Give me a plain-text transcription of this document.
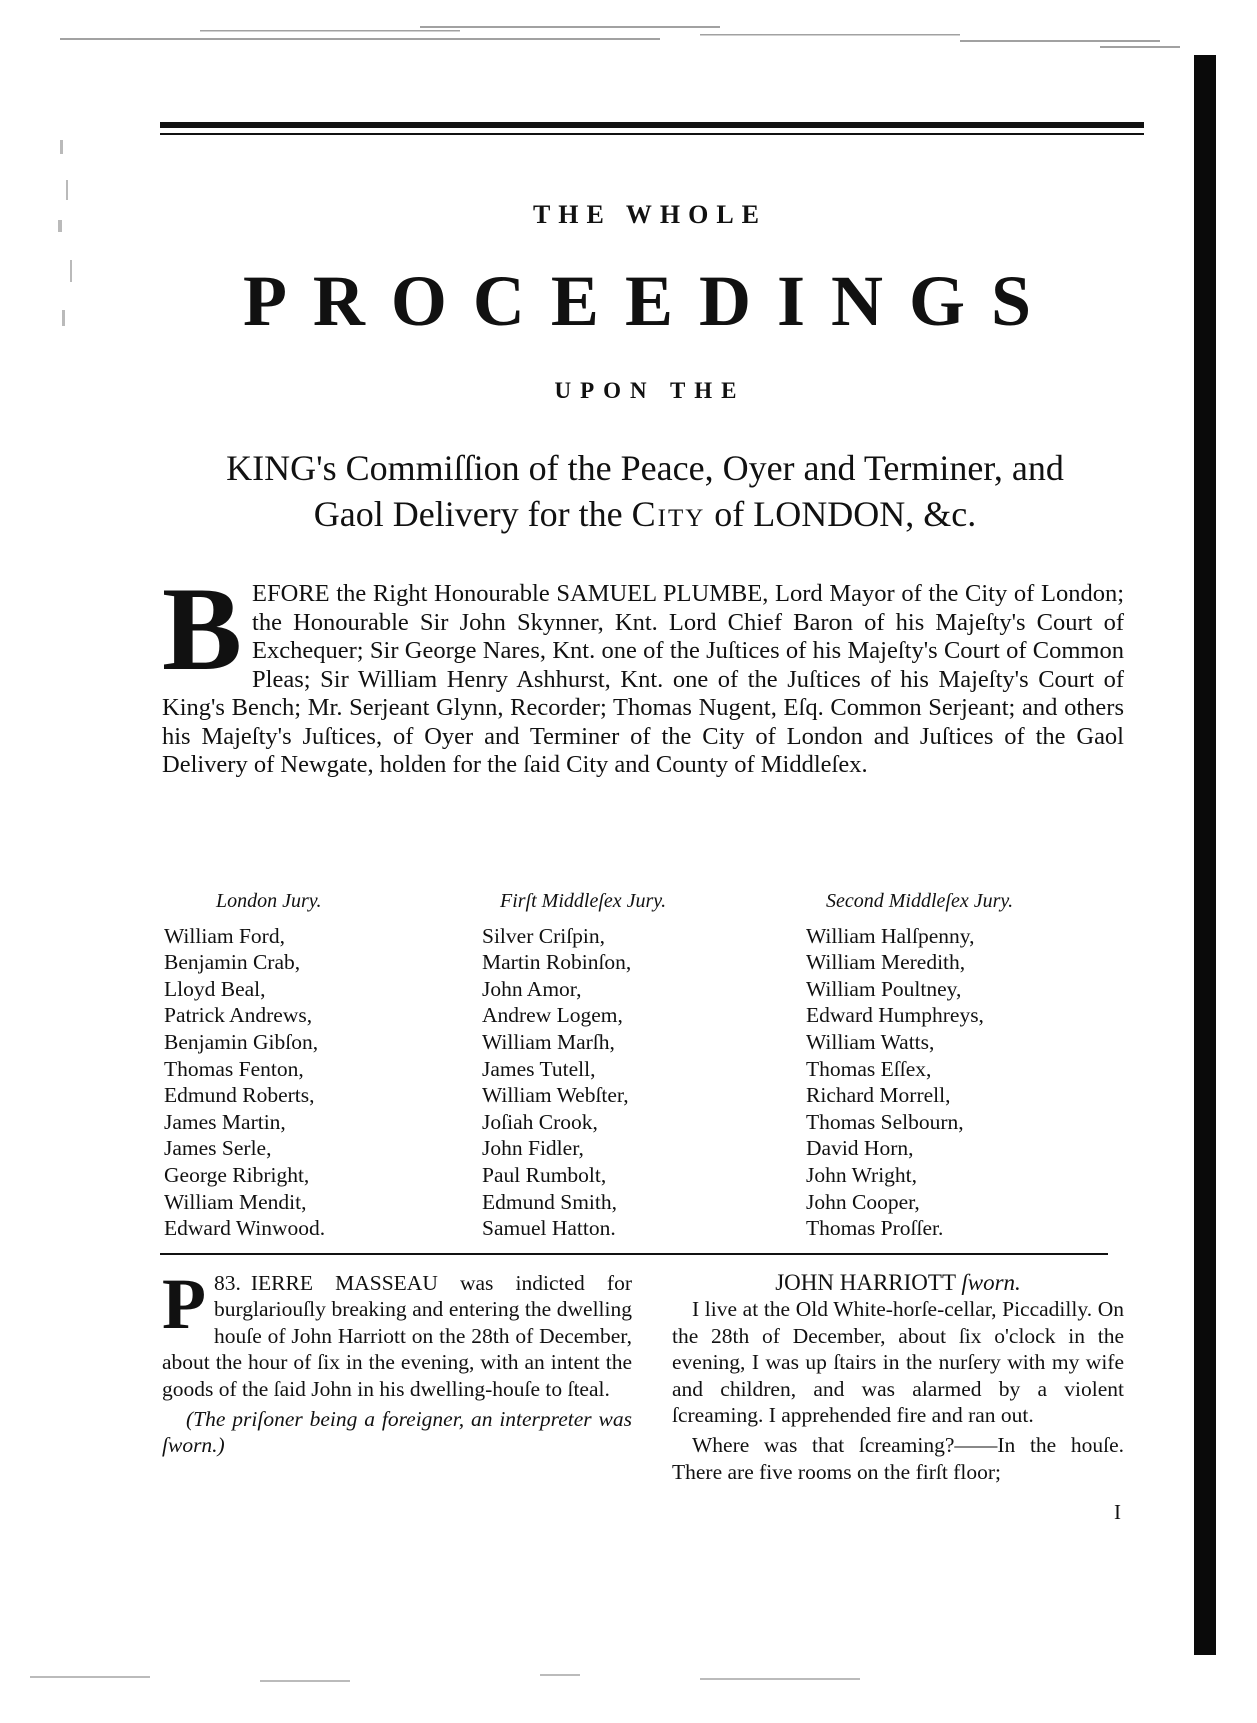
THE WHOLE
PROCEEDINGS
UPON THE
KING's Commiſſion of the Peace, Oyer and Terminer, and
Gaol Delivery for the City of LONDON, &c.
BEFORE the Right Honourable SAMUEL PLUMBE, Lord Mayor of the City of London; the Honourable Sir John Skynner, Knt. Lord Chief Baron of his Majeſty's Court of Exchequer; Sir George Nares, Knt. one of the Juſtices of his Majeſty's Court of Common Pleas; Sir William Henry Ashhurst, Knt. one of the Juſtices of his Majeſty's Court of King's Bench; Mr. Serjeant Glynn, Recorder; Thomas Nugent, Eſq. Common Serjeant; and others his Majeſty's Juſtices, of Oyer and Terminer of the City of London and Juſtices of the Gaol Delivery of Newgate, holden for the ſaid City and County of Middleſex.
London Jury.
William Ford,
Benjamin Crab,
Lloyd Beal,
Patrick Andrews,
Benjamin Gibſon,
Thomas Fenton,
Edmund Roberts,
James Martin,
James Serle,
George Ribright,
William Mendit,
Edward Winwood.
Firſt Middleſex Jury.
Silver Criſpin,
Martin Robinſon,
John Amor,
Andrew Logem,
William Marſh,
James Tutell,
William Webſter,
Joſiah Crook,
John Fidler,
Paul Rumbolt,
Edmund Smith,
Samuel Hatton.
Second Middleſex Jury.
William Halſpenny,
William Meredith,
William Poultney,
Edward Humphreys,
William Watts,
Thomas Eſſex,
Richard Morrell,
Thomas Selbourn,
David Horn,
John Wright,
John Cooper,
Thomas Proſſer.
83.
P IERRE MASSEAU was indicted for burglariouſly breaking and entering the dwelling houſe of John Harriott on the 28th of December, about the hour of ſix in the evening, with an intent the goods of the ſaid John in his dwelling-houſe to ſteal.
(The priſoner being a foreigner, an interpreter was ſworn.)
JOHN HARRIOTT ſworn.

I live at the Old White-horſe-cellar, Piccadilly. On the 28th of December, about ſix o'clock in the evening, I was up ſtairs in the nurſery with my wife and children, and was alarmed by a violent ſcreaming. I apprehended fire and ran out.

Where was that ſcreaming?——In the houſe. There are five rooms on the firſt floor;

I
